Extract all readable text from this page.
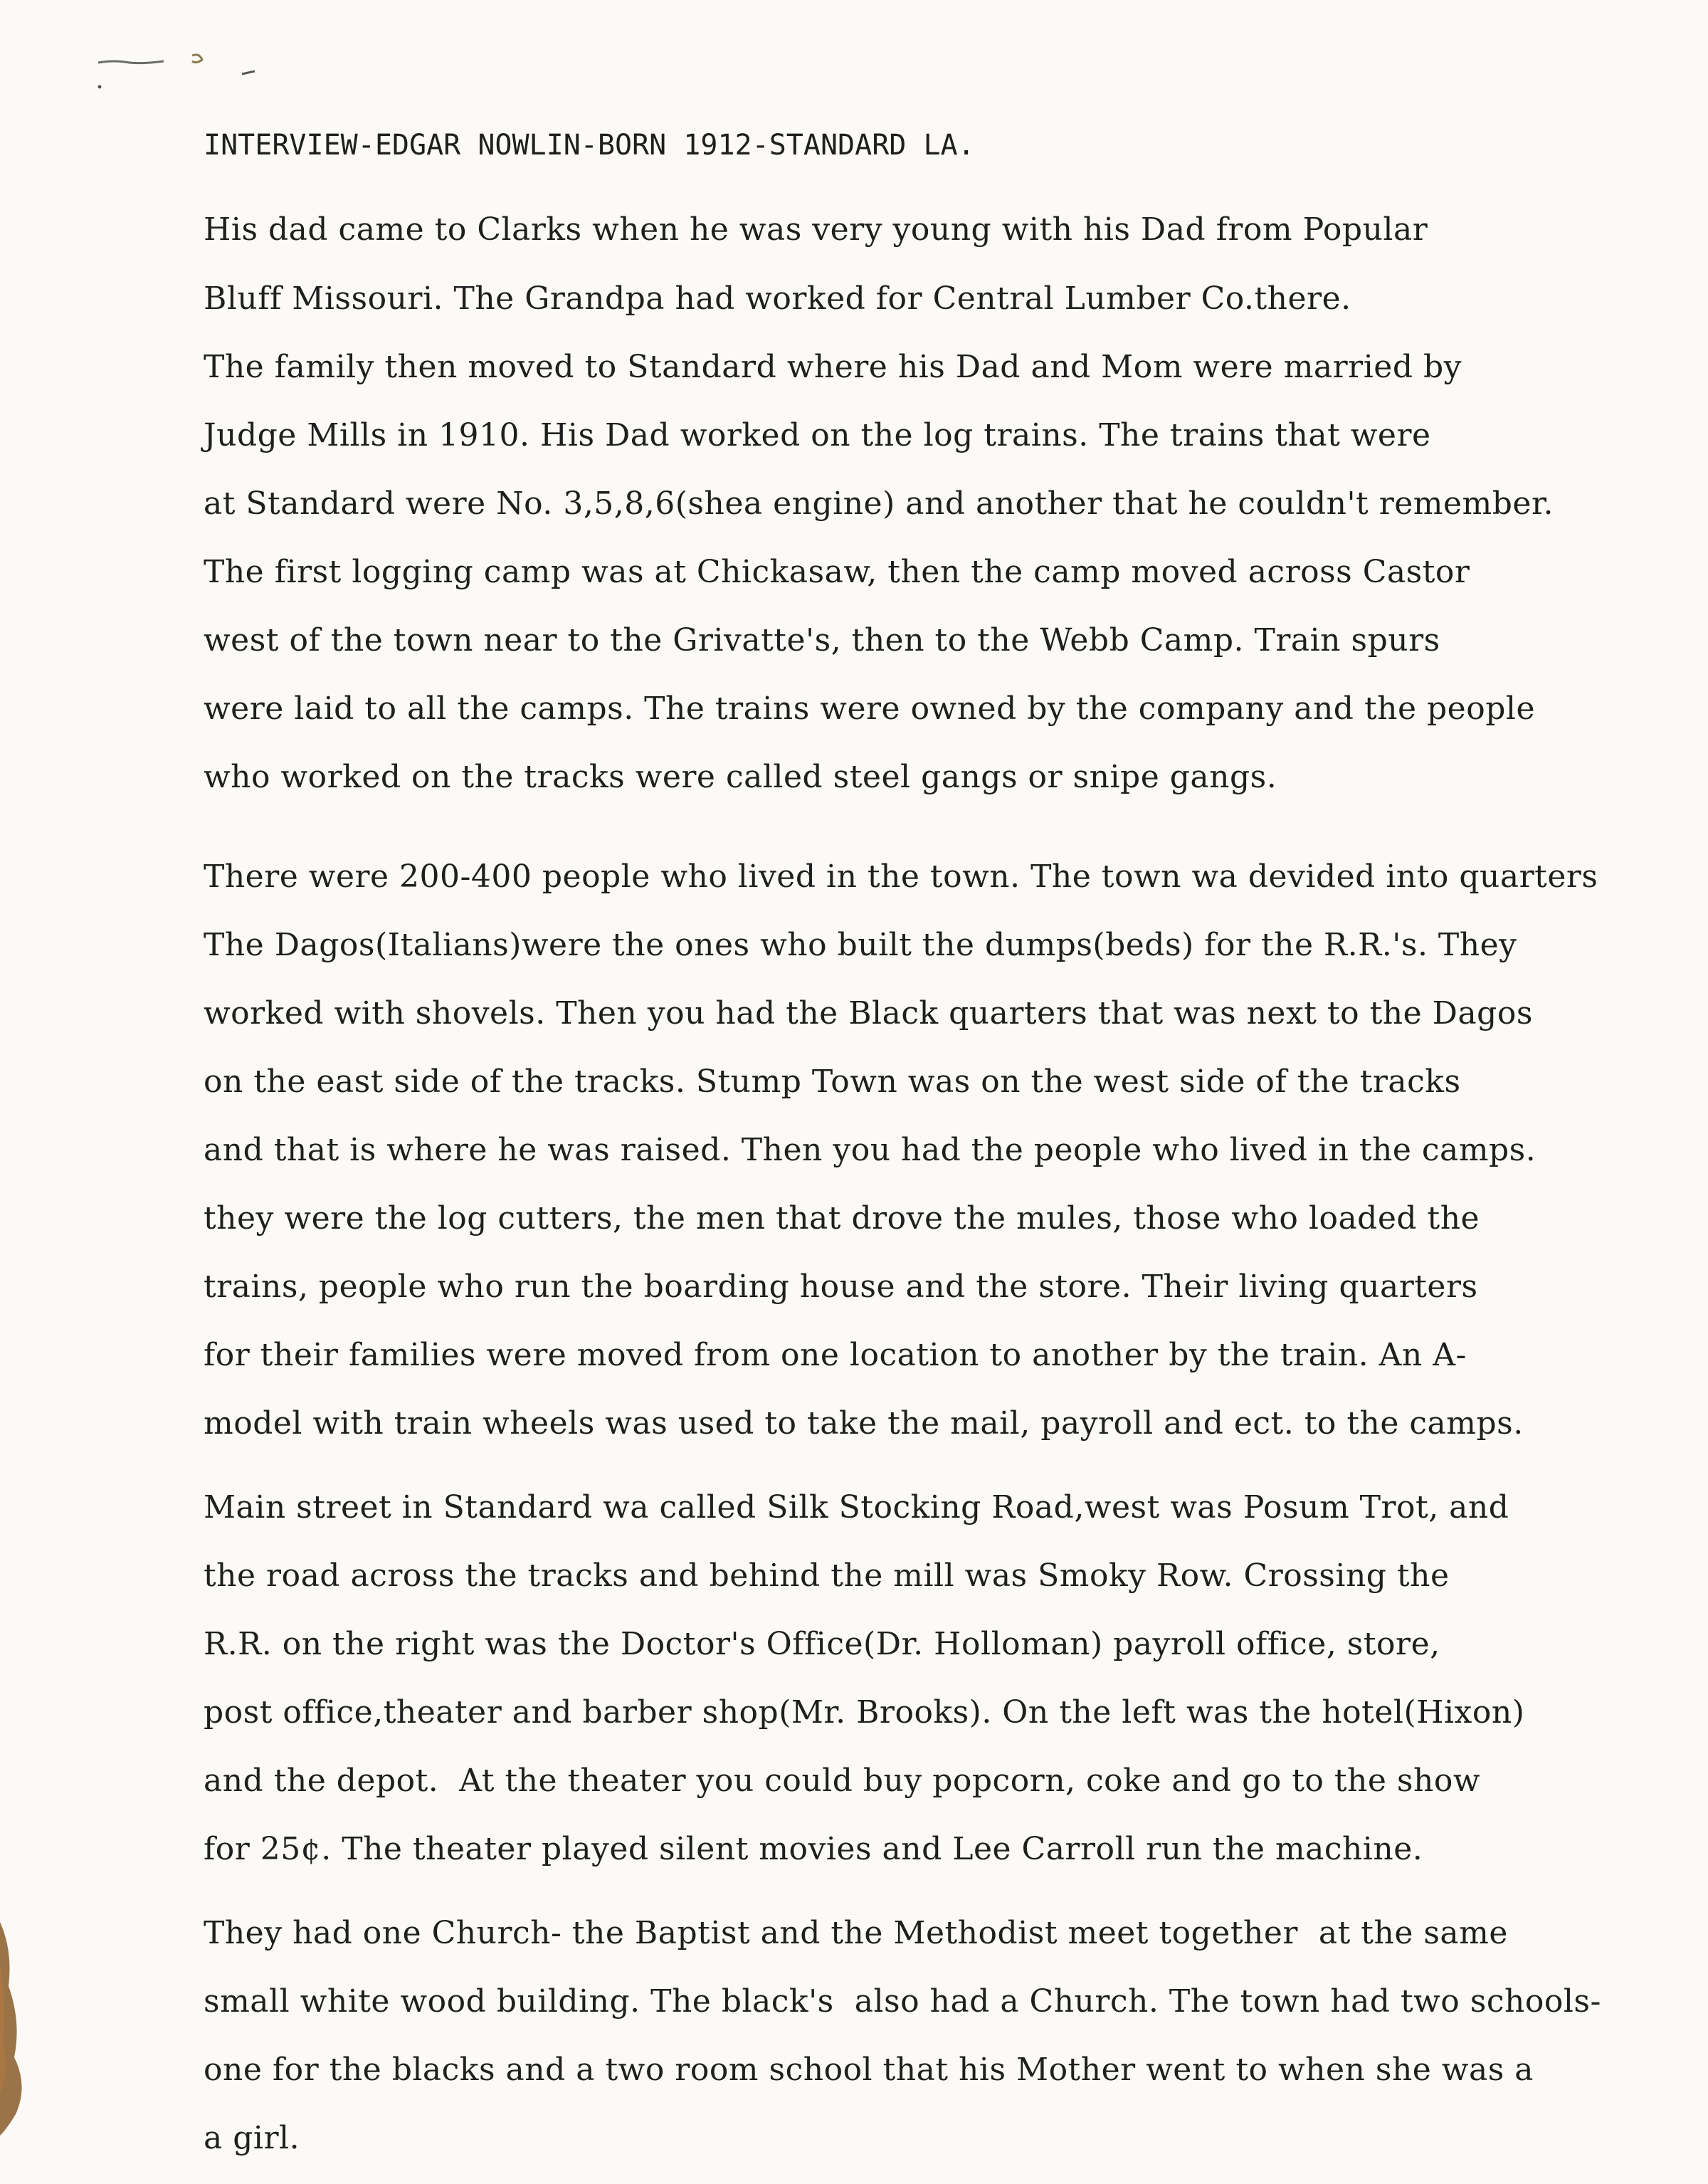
INTERVIEW-EDGAR NOWLIN-BORN 1912-STANDARD LA.
His dad came to Clarks when he was very young with his Dad from Popular
Bluff Missouri. The Grandpa had worked for Central Lumber Co.there.
The family then moved to Standard where his Dad and Mom were married by
Judge Mills in 1910. His Dad worked on the log trains. The trains that were
at Standard were No. 3,5,8,6(shea engine) and another that he couldn't remember.
The first logging camp was at Chickasaw, then the camp moved across Castor
west of the town near to the Grivatte's, then to the Webb Camp. Train spurs
were laid to all the camps. The trains were owned by the company and the people
who worked on the tracks were called steel gangs or snipe gangs.
There were 200-400 people who lived in the town. The town wa devided into quarters
The Dagos(Italians)were the ones who built the dumps(beds) for the R.R.'s. They
worked with shovels. Then you had the Black quarters that was next to the Dagos
on the east side of the tracks. Stump Town was on the west side of the tracks
and that is where he was raised. Then you had the people who lived in the camps.
they were the log cutters, the men that drove the mules, those who loaded the
trains, people who run the boarding house and the store. Their living quarters
for their families were moved from one location to another by the train. An A-
model with train wheels was used to take the mail, payroll and ect. to the camps.
Main street in Standard wa called Silk Stocking Road,west was Posum Trot, and
the road across the tracks and behind the mill was Smoky Row. Crossing the
R.R. on the right was the Doctor's Office(Dr. Holloman) payroll office, store,
post office,theater and barber shop(Mr. Brooks). On the left was the hotel(Hixon)
and the depot.  At the theater you could buy popcorn, coke and go to the show
for 25¢. The theater played silent movies and Lee Carroll run the machine.
They had one Church- the Baptist and the Methodist meet together  at the same
small white wood building. The black's  also had a Church. The town had two schools-
one for the blacks and a two room school that his Mother went to when she was a
a girl.
